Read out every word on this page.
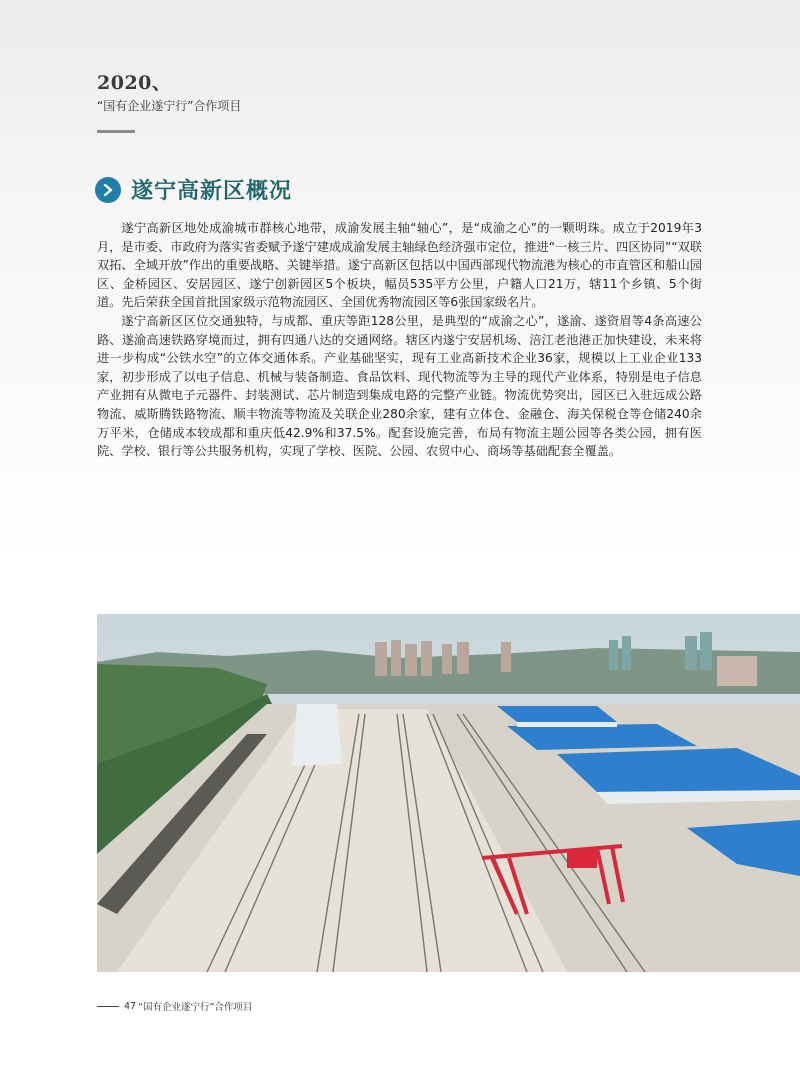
2020、
“国有企业遂宁行”合作项目
遂宁高新区概况

遂宁高新区地处成渝城市群核心地带，成渝发展主轴“轴心”，是“成渝之心”的一颗明珠。成立于2019年3月，是市委、市政府为落实省委赋予遂宁建成成渝发展主轴绿色经济强市定位，推进“一核三片、四区协同”“双联双拓、全域开放”作出的重要战略、关键举措。遂宁高新区包括以中国西部现代物流港为核心的市直管区和船山园区、金桥园区、安居园区、遂宁创新园区5个板块，幅员535平方公里，户籍人口21万，辖11个乡镇、5个街道。先后荣获全国首批国家级示范物流园区、全国优秀物流园区等6张国家级名片。

遂宁高新区区位交通独特，与成都、重庆等距128公里，是典型的“成渝之心”，遂渝、遂资眉等4条高速公路、遂渝高速铁路穿境而过，拥有四通八达的交通网络。辖区内遂宁安居机场、涪江老池港正加快建设，未来将进一步构成“公铁水空”的立体交通体系。产业基础坚实，现有工业高新技术企业36家，规模以上工业企业133家，初步形成了以电子信息、机械与装备制造、食品饮料、现代物流等为主导的现代产业体系，特别是电子信息产业拥有从微电子元器件、封装测试、芯片制造到集成电路的完整产业链。物流优势突出，园区已入驻远成公路物流、威斯腾铁路物流、顺丰物流等物流及关联企业280余家，建有立体仓、金融仓、海关保税仓等仓储240余万平米，仓储成本较成都和重庆低42.9%和37.5%。配套设施完善，布局有物流主题公园等各类公园，拥有医院、学校、银行等公共服务机构，实现了学校、医院、公园、农贸中心、商场等基础配套全覆盖。

47 “国有企业遂宁行”合作项目
